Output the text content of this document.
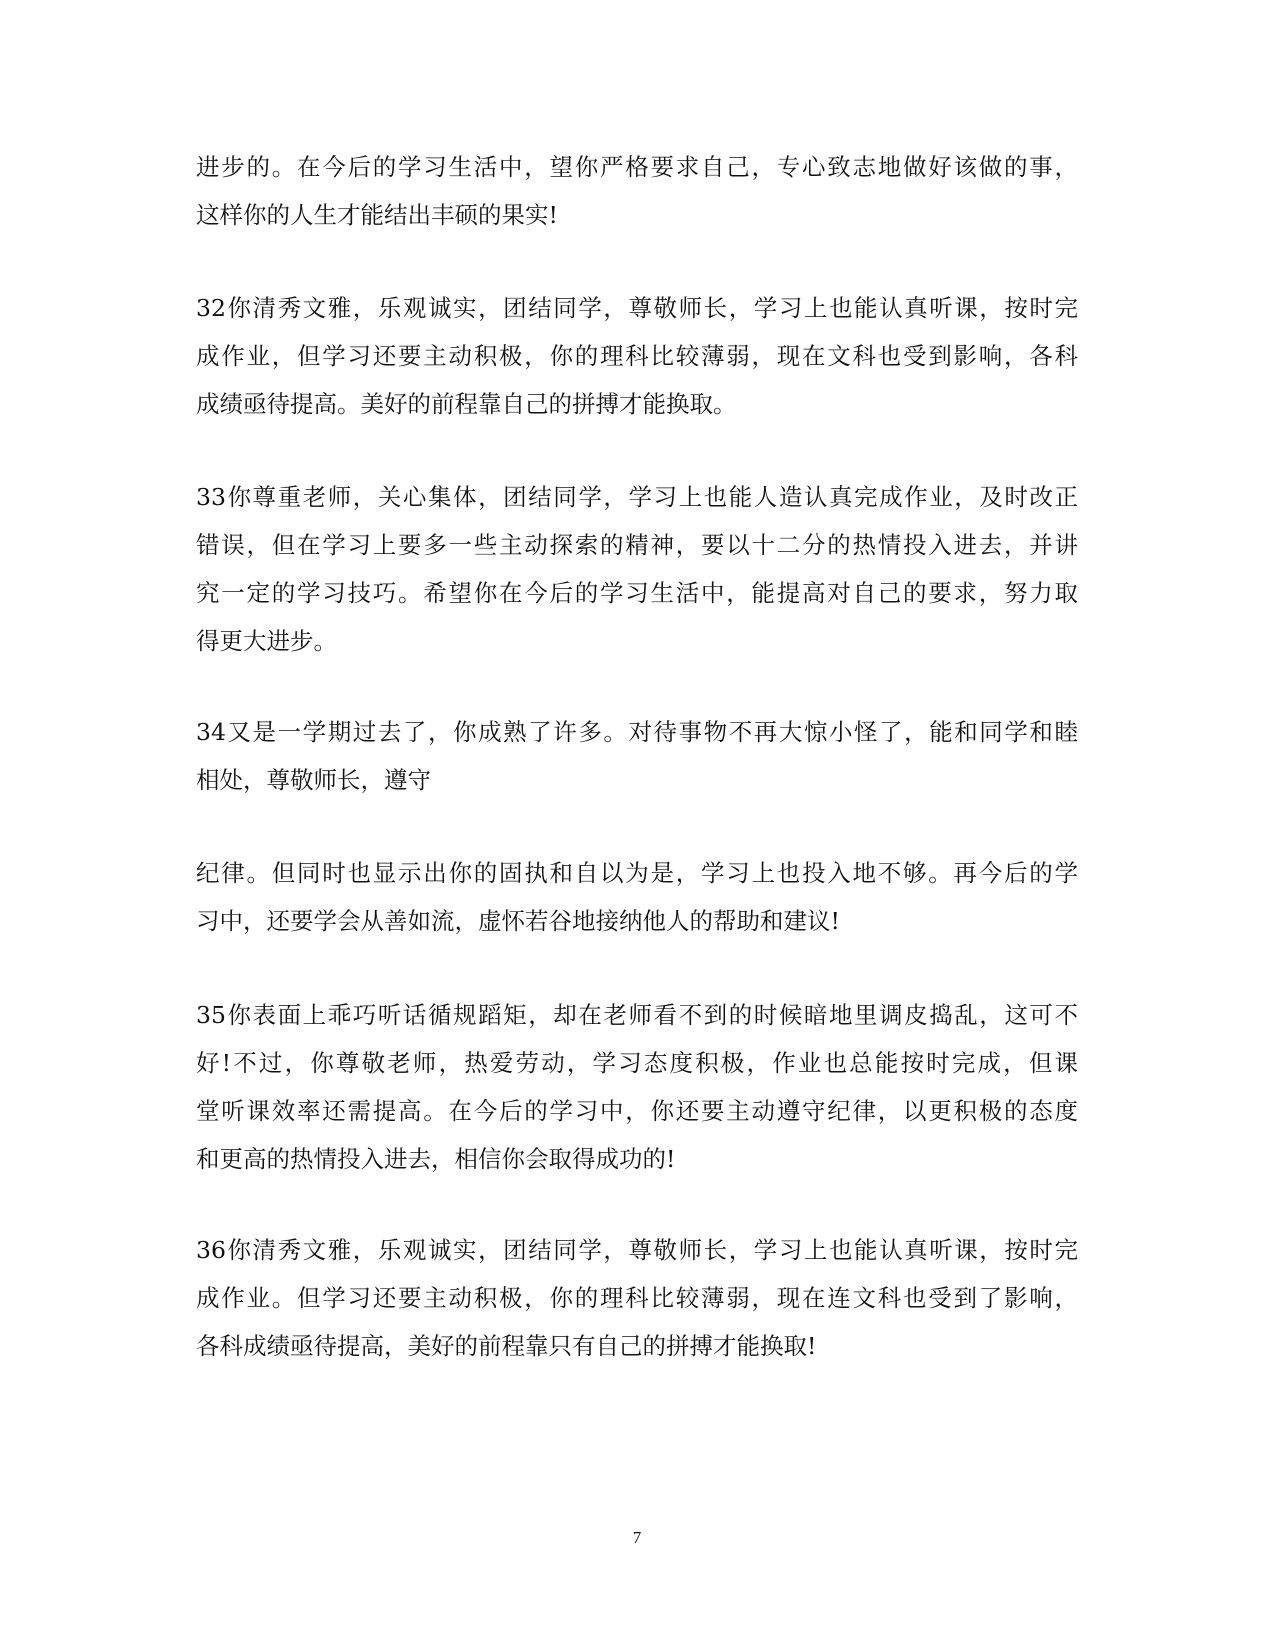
进步的。在今后的学习生活中，望你严格要求自己，专心致志地做好该做的事，
这样你的人生才能结出丰硕的果实!
32你清秀文雅，乐观诚实，团结同学，尊敬师长，学习上也能认真听课，按时完
成作业，但学习还要主动积极，你的理科比较薄弱，现在文科也受到影响，各科
成绩亟待提高。美好的前程靠自己的拼搏才能换取。
33你尊重老师，关心集体，团结同学，学习上也能人造认真完成作业，及时改正
错误，但在学习上要多一些主动探索的精神，要以十二分的热情投入进去，并讲
究一定的学习技巧。希望你在今后的学习生活中，能提高对自己的要求，努力取
得更大进步。
34又是一学期过去了，你成熟了许多。对待事物不再大惊小怪了，能和同学和睦
相处，尊敬师长，遵守
纪律。但同时也显示出你的固执和自以为是，学习上也投入地不够。再今后的学
习中，还要学会从善如流，虚怀若谷地接纳他人的帮助和建议!
35你表面上乖巧听话循规蹈矩，却在老师看不到的时候暗地里调皮捣乱，这可不
好!不过，你尊敬老师，热爱劳动，学习态度积极，作业也总能按时完成，但课
堂听课效率还需提高。在今后的学习中，你还要主动遵守纪律，以更积极的态度
和更高的热情投入进去，相信你会取得成功的!
36你清秀文雅，乐观诚实，团结同学，尊敬师长，学习上也能认真听课，按时完
成作业。但学习还要主动积极，你的理科比较薄弱，现在连文科也受到了影响，
各科成绩亟待提高，美好的前程靠只有自己的拼搏才能换取!
7
